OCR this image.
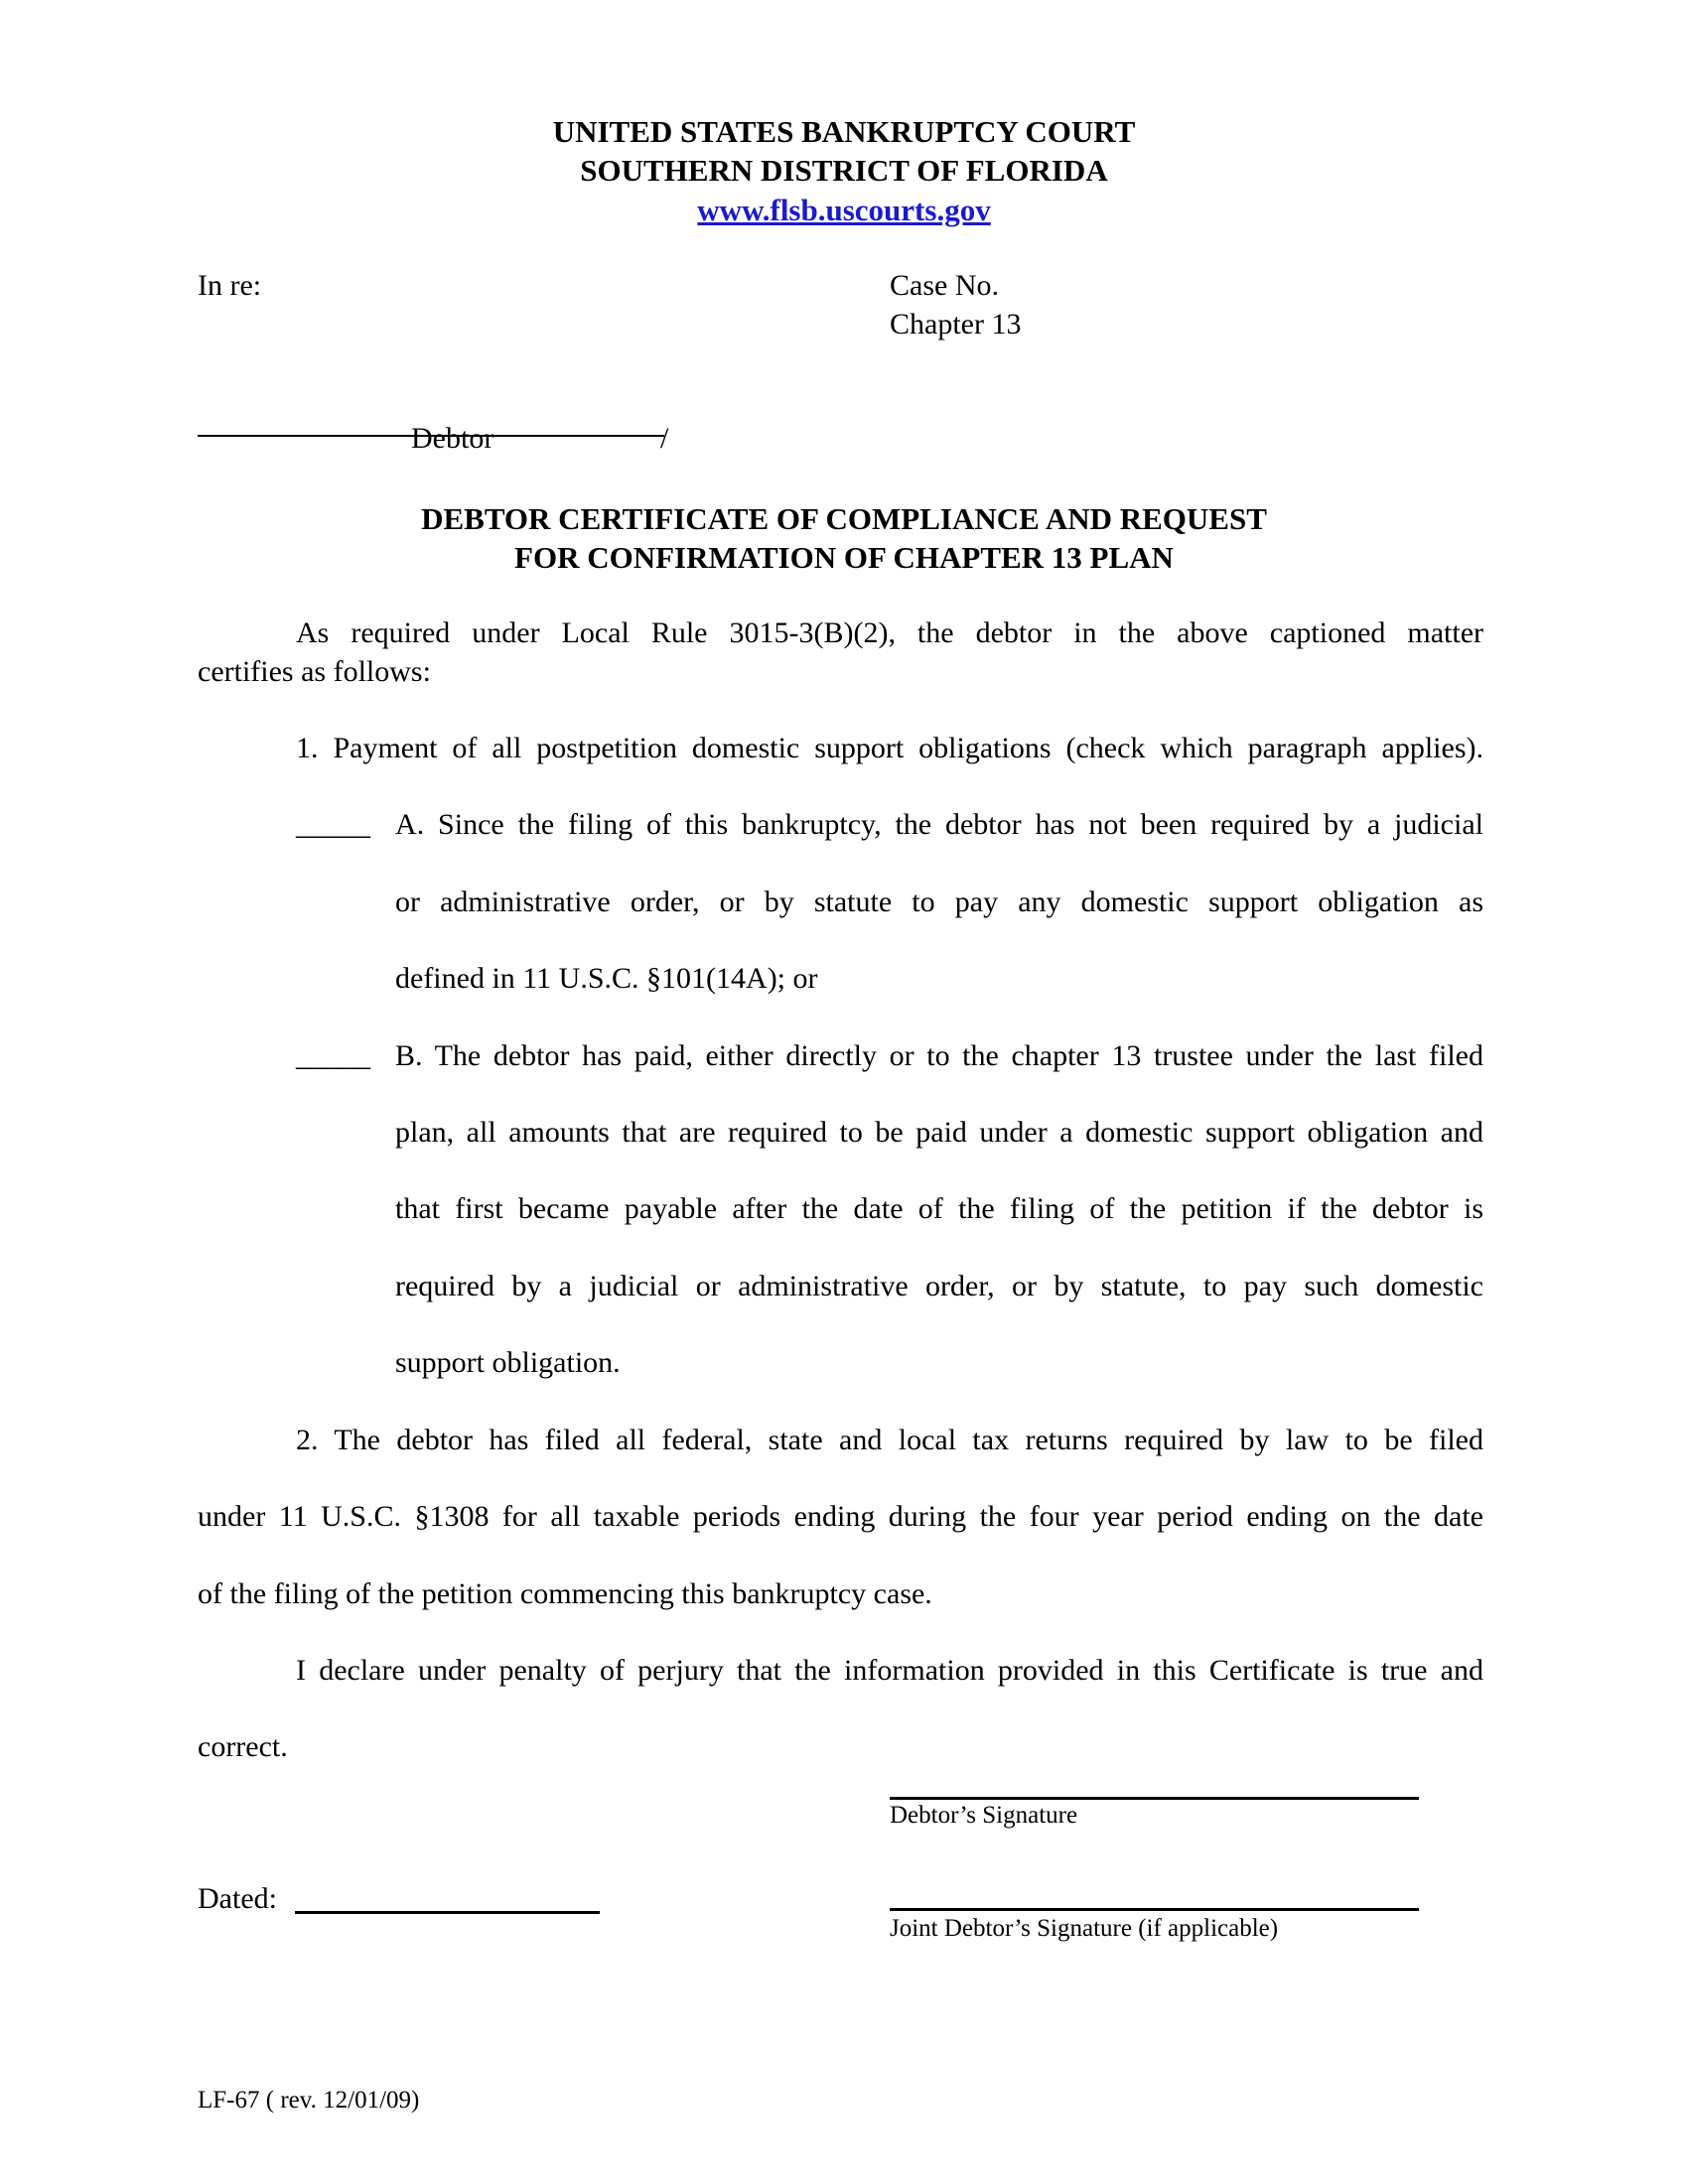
UNITED STATES BANKRUPTCY COURT
SOUTHERN DISTRICT OF FLORIDA
www.flsb.uscourts.gov
In re:	Case No.
Chapter 13
Debtor	/
DEBTOR CERTIFICATE OF COMPLIANCE AND REQUEST
FOR CONFIRMATION OF CHAPTER 13 PLAN
As required under Local Rule 3015-3(B)(2), the debtor in the above captioned matter
certifies as follows:
1. Payment of all postpetition domestic support obligations (check which paragraph applies).
_____ A. Since the filing of this bankruptcy, the debtor has not been required by a judicial
or administrative order, or by statute to pay any domestic support obligation as
defined in 11 U.S.C. §101(14A); or
_____ B. The debtor has paid, either directly or to the chapter 13 trustee under the last filed
plan, all amounts that are required to be paid under a domestic support obligation and
that first became payable after the date of the filing of the petition if the debtor is
required by a judicial or administrative order, or by statute, to pay such domestic
support obligation.
2. The debtor has filed all federal, state and local tax returns required by law to be filed
under 11 U.S.C. §1308 for all taxable periods ending during the four year period ending on the date
of the filing of the petition commencing this bankruptcy case.
I declare under penalty of perjury that the information provided in this Certificate is true and
correct.
Debtor’s Signature
Dated:
Joint Debtor’s Signature (if applicable)
LF-67 ( rev. 12/01/09)
